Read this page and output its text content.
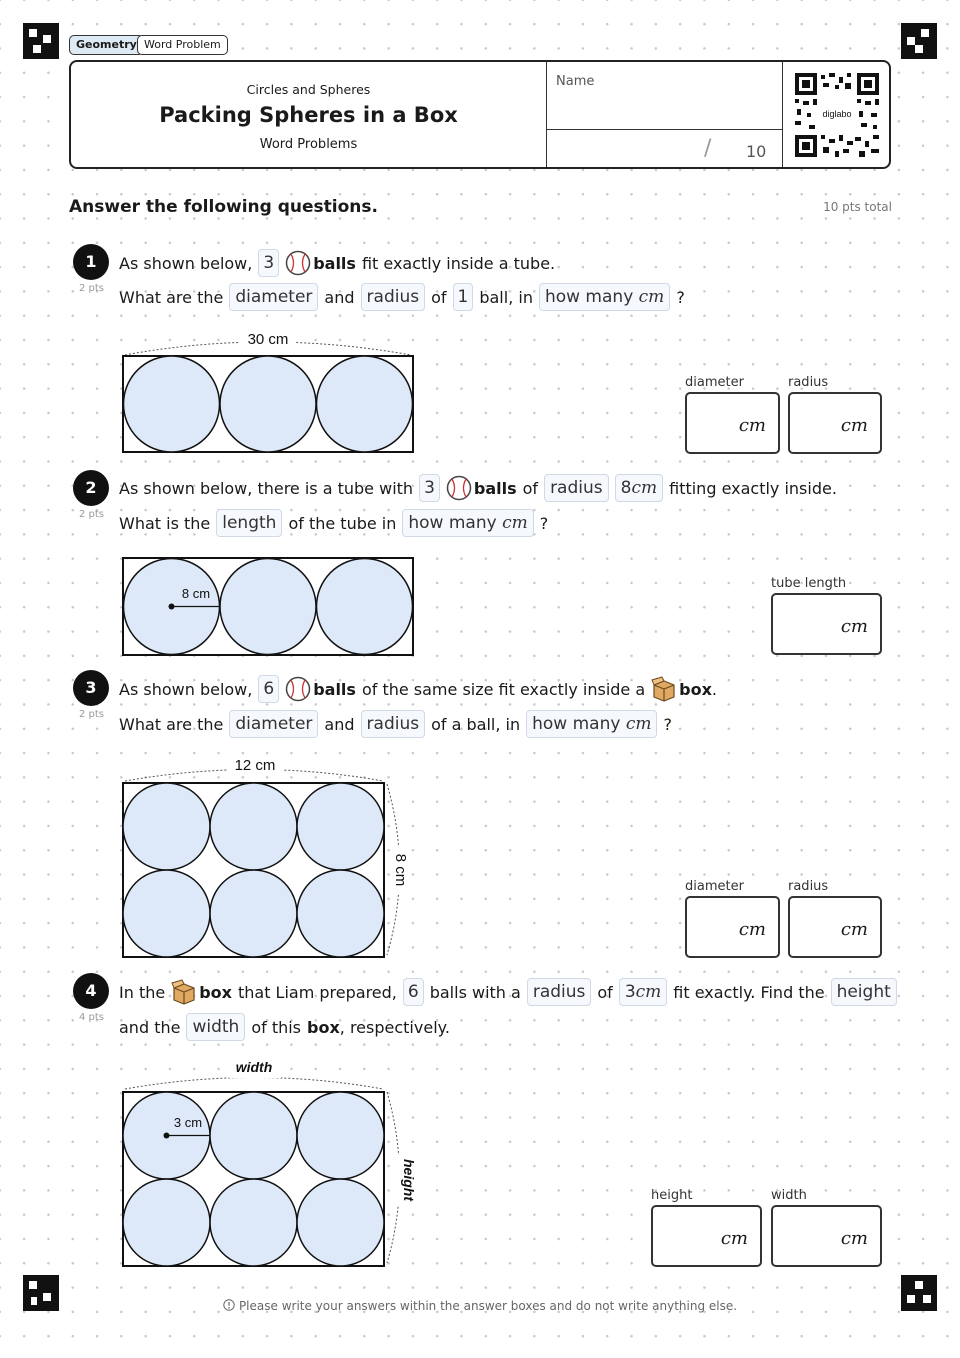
Geometry Word Problem
Circles and Spheres
Packing Spheres in a Box
Word Problems
Name
/ 10
diglabo
Answer the following questions.	10 pts total
1
2 pts
As shown below, 3	balls fit exactly inside a tube.
What are the diameter and radius of 1 ball, in how many cm ?
30 cm
diameter
cm
radius
cm
2
2 pts
As shown below, there is a tube with 3	balls of radius	8cm fitting exactly inside.
What is the length of the tube in how many cm ?
8 cm
tube length
cm
3
2 pts
As shown below, 6	balls of the same size fit exactly inside a box .
What are the diameter and radius of a ball, in how many cm ?
12 cm
8 cm
diameter
cm
radius
cm
4
4 pts
In the box that Liam prepared, 6 balls with a radius of 3cm fit exactly. Find the height
and the width of this box , respectively.
width
height
3 cm
height
cm
width
cm
Please write your answers within the answer boxes and do not write anything else.
